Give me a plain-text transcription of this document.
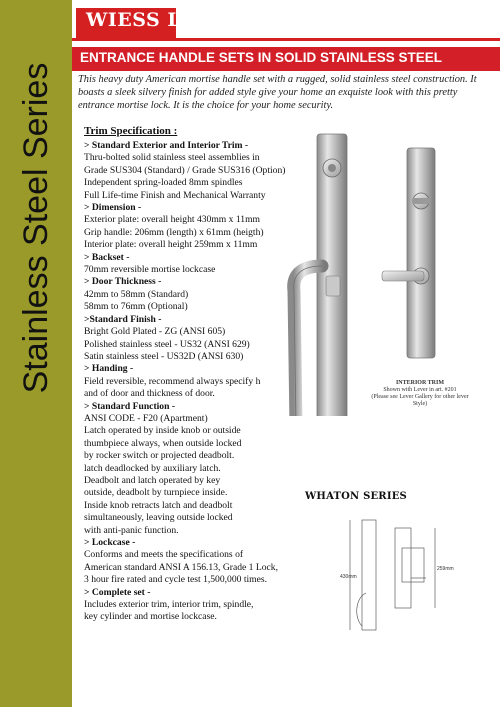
Stainless Steel Series
WIESS LOCK
ENTRANCE HANDLE SETS IN SOLID STAINLESS STEEL
This heavy duty American mortise handle set with a rugged, solid stainless steel construction. It boasts a sleek silvery finish for added style give your home an exquiste look with this pretty entrance mortise lock. It is the choice for your home security.
Trim Specification :
> Standard Exterior and Interior Trim -
Thru-bolted solid stainless steel assemblies in
Grade SUS304 (Standard) / Grade SUS316 (Option)
Independent spring-loaded 8mm spindles
Full Life-time Finish and Mechanical Warranty
> Dimension -
Exterior plate: overall height 430mm x 11mm
Grip handle: 206mm (length) x 61mm (heigth)
Interior plate: overall height 259mm x 11mm
> Backset -
70mm reversible mortise lockcase
> Door Thickness -
42mm to 58mm (Standard)
58mm to 76mm (Optional)
>Standard Finish -
Bright Gold Plated - ZG (ANSI 605)
Polished stainless steel - US32 (ANSI 629)
Satin stainless steel - US32D (ANSI 630)
> Handing -
Field reversible, recommend always specify h
and of door and thickness of door.
> Standard Function -
ANSI CODE - F20 (Apartment)
Latch operated by inside knob or outside
thumbpiece always, when outside locked
by rocker switch or projected deadbolt.
latch deadlocked by auxiliary latch.
Deadbolt and latch operated by key
outside, deadbolt by turnpiece inside.
Inside knob retracts latch and deadbolt
simultaneously, leaving outside locked
with anti-panic function.
> Lockcase -
Conforms and meets the specifications of
American standard ANSI A 156.13, Grade 1 Lock,
3 hour fire rated and cycle test 1,500,000 times.
> Complete set -
Includes exterior trim, interior trim, spindle,
key cylinder and mortise lockcase.
INTERIOR TRIM
Shown with Lever in art. #201
(Please see Lever Gallery for other lever Style)
WHATON SERIES
259mm
430mm
